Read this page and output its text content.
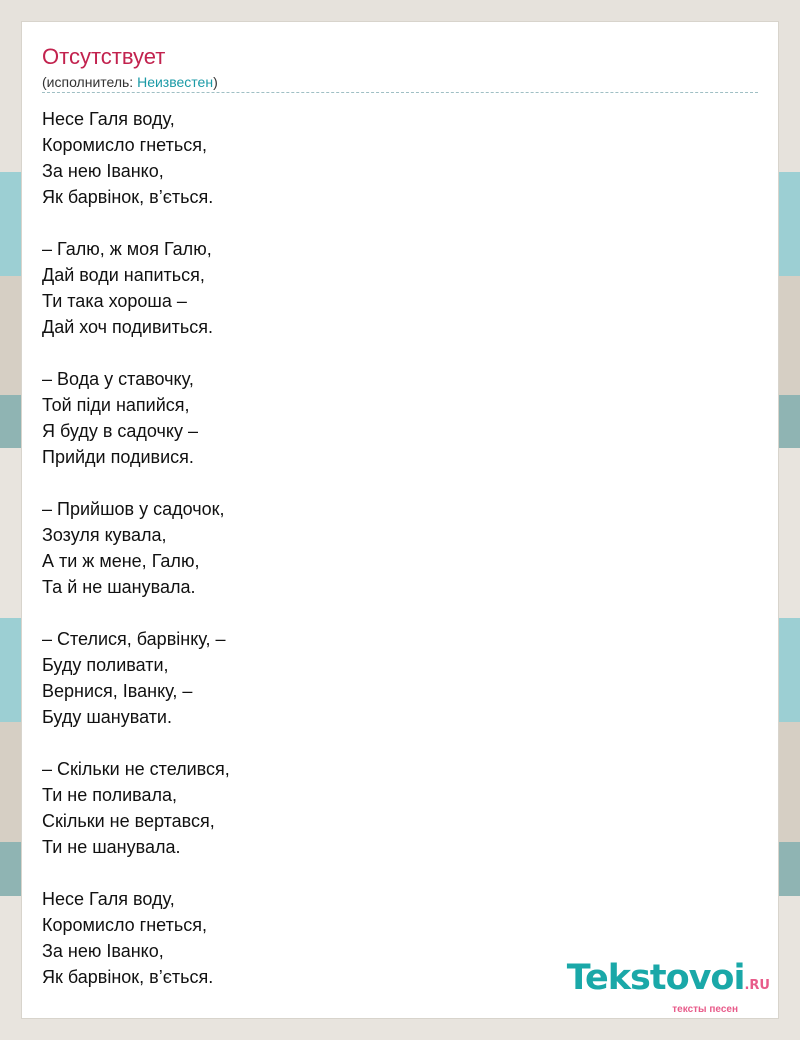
Отсутствует
(исполнитель: Неизвестен)
Несе Галя воду,
Коромисло гнеться,
За нею Іванко,
Як барвінок, в’ється.
– Галю, ж моя Галю,
Дай води напиться,
Ти така хороша –
Дай хоч подивиться.
– Вода у ставочку,
Той піди напийся,
Я буду в садочку –
Прийди подивися.
– Прийшов у садочок,
Зозуля кувала,
А ти ж мене, Галю,
Та й не шанувала.
– Стелися, барвінку, –
Буду поливати,
Вернися, Іванку, –
Буду шанувати.
– Скільки не стелився,
Ти не поливала,
Скільки не вертався,
Ти не шанувала.
Несе Галя воду,
Коромисло гнеться,
За нею Іванко,
Як барвінок, в’ється.	Tekstovoi.RU
тексты песен
